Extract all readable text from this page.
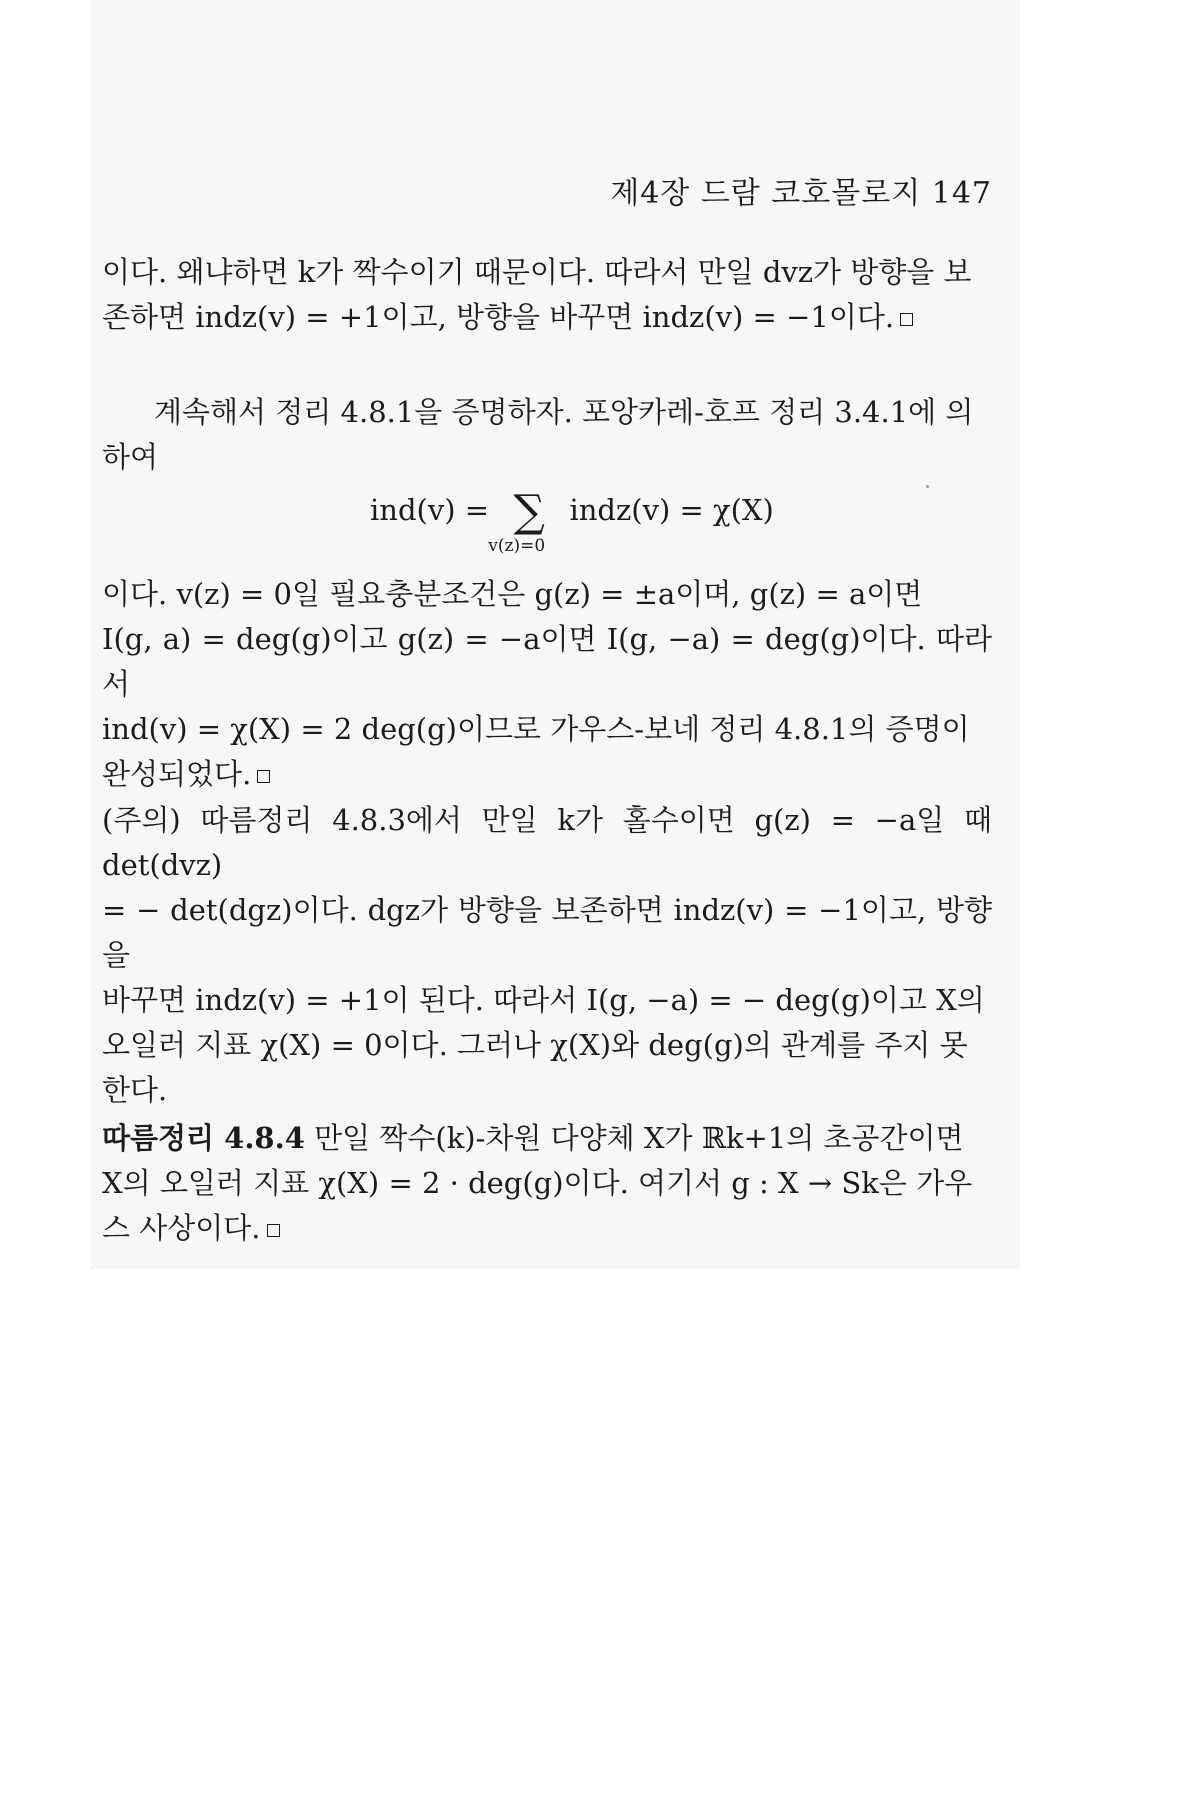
제4장 드람 코호몰로지 147
이다. 왜냐하면 k가 짝수이기 때문이다. 따라서 만일 dvz가 방향을 보
존하면 indz(v) = +1이고, 방향을 바꾸면 indz(v) = −1이다.
계속해서 정리 4.8.1을 증명하자. 포앙카레-호프 정리 3.4.1에 의
하여
ind(v) = ∑
v(z)=0
indz(v) = χ(X)
이다. v(z) = 0일 필요충분조건은 g(z) = ±a이며, g(z) = a이면
I(g, a) = deg(g)이고 g(z) = −a이면 I(g, −a) = deg(g)이다. 따라서
ind(v) = χ(X) = 2 deg(g)이므로 가우스-보네 정리 4.8.1의 증명이
완성되었다.
(주의) 따름정리 4.8.3에서 만일 k가 홀수이면 g(z) = −a일 때 det(dvz)
= − det(dgz)이다. dgz가 방향을 보존하면 indz(v) = −1이고, 방향을
바꾸면 indz(v) = +1이 된다. 따라서 I(g, −a) = − deg(g)이고 X의
오일러 지표 χ(X) = 0이다. 그러나 χ(X)와 deg(g)의 관계를 주지 못
한다.
따름정리 4.8.4 만일 짝수(k)-차원 다양체 X가 ℝk+1의 초공간이면
X의 오일러 지표 χ(X) = 2 · deg(g)이다. 여기서 g : X → Sk은 가우
스 사상이다.
